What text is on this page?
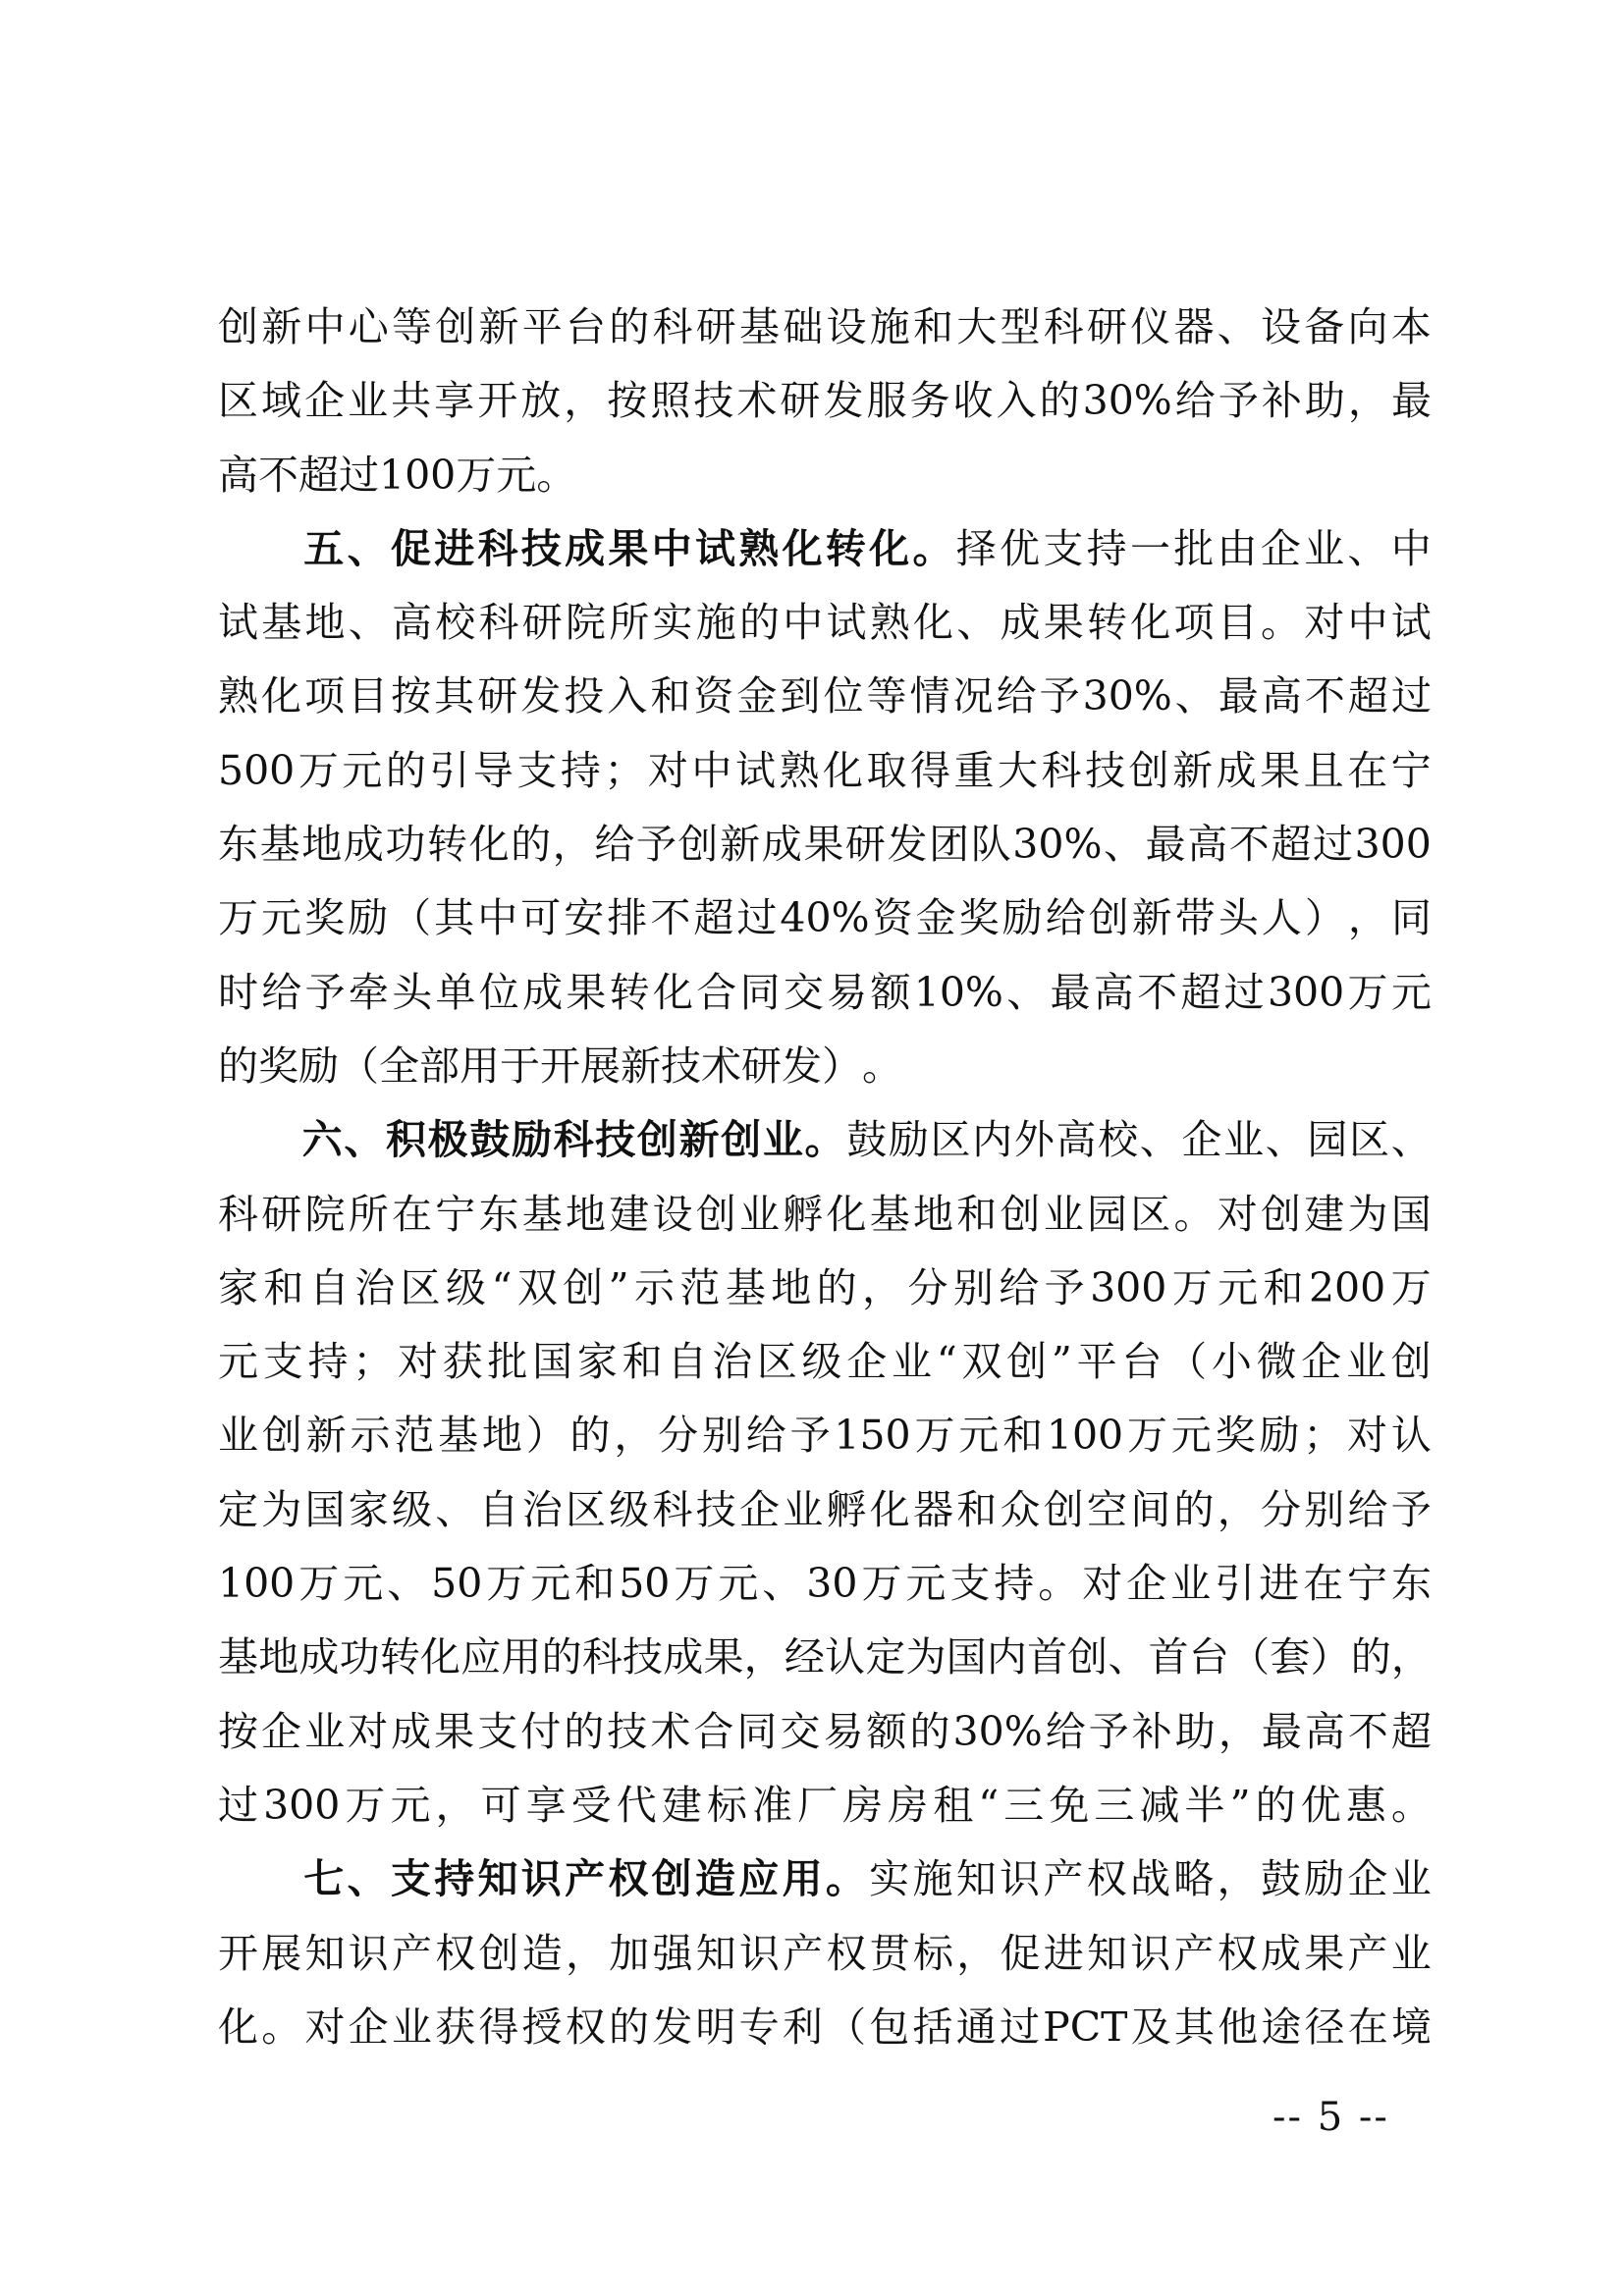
创 新 中 心 等 创 新 平 台 的 科 研 基 础 设 施 和 大 型 科 研 仪 器 、 设 备 向 本
区 域 企 业 共 享 开 放 ， 按 照 技 术 研 发 服 务 收 入 的 30% 给 予 补 助 ， 最
高 不 超 过 100 万 元 。
五 、 促 进 科 技 成 果 中 试 熟 化 转 化 。 择 优 支 持 一 批 由 企 业 、 中
试 基 地 、 高 校 科 研 院 所 实 施 的 中 试 熟 化 、 成 果 转 化 项 目 。 对 中 试
熟 化 项 目 按 其 研 发 投 入 和 资 金 到 位 等 情 况 给 予 30% 、 最 高 不 超 过
500 万 元 的 引 导 支 持 ； 对 中 试 熟 化 取 得 重 大 科 技 创 新 成 果 且 在 宁
东 基 地 成 功 转 化 的 ， 给 予 创 新 成 果 研 发 团 队 30% 、 最 高 不 超 过 300
万 元 奖 励 （ 其 中 可 安 排 不 超 过 40% 资 金 奖 励 给 创 新 带 头 人 ） ， 同
时 给 予 牵 头 单 位 成 果 转 化 合 同 交 易 额 10% 、 最 高 不 超 过 300 万 元
的 奖 励 （ 全 部 用 于 开 展 新 技 术 研 发 ） 。
六 、 积 极 鼓 励 科 技 创 新 创 业 。 鼓 励 区 内 外 高 校 、 企 业 、 园 区 、
科 研 院 所 在 宁 东 基 地 建 设 创 业 孵 化 基 地 和 创 业 园 区 。 对 创 建 为 国
家 和 自 治 区 级 “ 双 创 ” 示 范 基 地 的 ， 分 别 给 予 300 万 元 和 200 万
元 支 持 ； 对 获 批 国 家 和 自 治 区 级 企 业 “ 双 创 ” 平 台 （ 小 微 企 业 创
业 创 新 示 范 基 地 ） 的 ， 分 别 给 予 150 万 元 和 100 万 元 奖 励 ； 对 认
定 为 国 家 级 、 自 治 区 级 科 技 企 业 孵 化 器 和 众 创 空 间 的 ， 分 别 给 予
100 万 元 、 50 万 元 和 50 万 元 、 30 万 元 支 持 。 对 企 业 引 进 在 宁 东
基 地 成 功 转 化 应 用 的 科 技 成 果 ， 经 认 定 为 国 内 首 创 、 首 台 （ 套 ） 的 ，
按 企 业 对 成 果 支 付 的 技 术 合 同 交 易 额 的 30% 给 予 补 助 ， 最 高 不 超
过 300 万 元 ， 可 享 受 代 建 标 准 厂 房 房 租 “ 三 免 三 减 半 ” 的 优 惠 。
七 、 支 持 知 识 产 权 创 造 应 用 。 实 施 知 识 产 权 战 略 ， 鼓 励 企 业
开 展 知 识 产 权 创 造 ， 加 强 知 识 产 权 贯 标 ， 促 进 知 识 产 权 成 果 产 业
化 。 对 企 业 获 得 授 权 的 发 明 专 利 （ 包 括 通 过 PCT 及 其 他 途 径 在 境
-- 5 --
